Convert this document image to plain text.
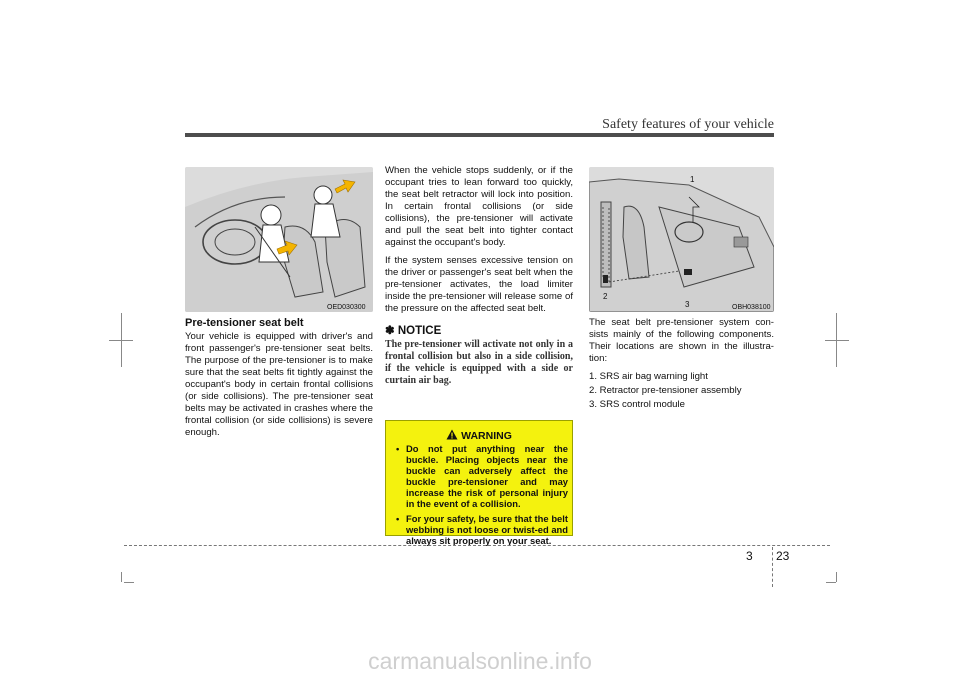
Safety features of your vehicle
OED030300
1
2
3	OBH038100
Pre-tensioner seat belt

Your vehicle is equipped with driver's and front passenger's pre-tensioner seat belts. The purpose of the pre-tensioner is to make sure that the seat belts fit tightly against the occupant's body in certain frontal collisions (or side collisions). The pre-tensioner seat belts may be activated in crashes where the frontal collision (or side collisions) is severe enough.

When the vehicle stops suddenly, or if the occupant tries to lean forward too quickly, the seat belt retractor will lock into position. In certain frontal collisions (or side collisions), the pre-tensioner will activate and pull the seat belt into tighter contact against the occupant's body.

If the system senses excessive tension on the driver or passenger's seat belt when the pre-tensioner activates, the load limiter inside the pre-tensioner will release some of the pressure on the affected seat belt.

✽ NOTICE
The pre-tensioner will activate not only in a frontal collision but also in a side collision, if the vehicle is equipped with a side or curtain air bag.
WARNING
• Do not put anything near the buckle. Placing objects near the buckle can adversely affect the buckle pre-tensioner and may increase the risk of personal injury in the event of a collision.
• For your safety, be sure that the belt webbing is not loose or twist-ed and always sit properly on your seat.

The seat belt pre-tensioner system con-sists mainly of the following components. Their locations are shown in the illustra-tion:

1. SRS air bag warning light
2. Retractor pre-tensioner assembly
3. SRS control module
3 23
carmanualsonline.info
